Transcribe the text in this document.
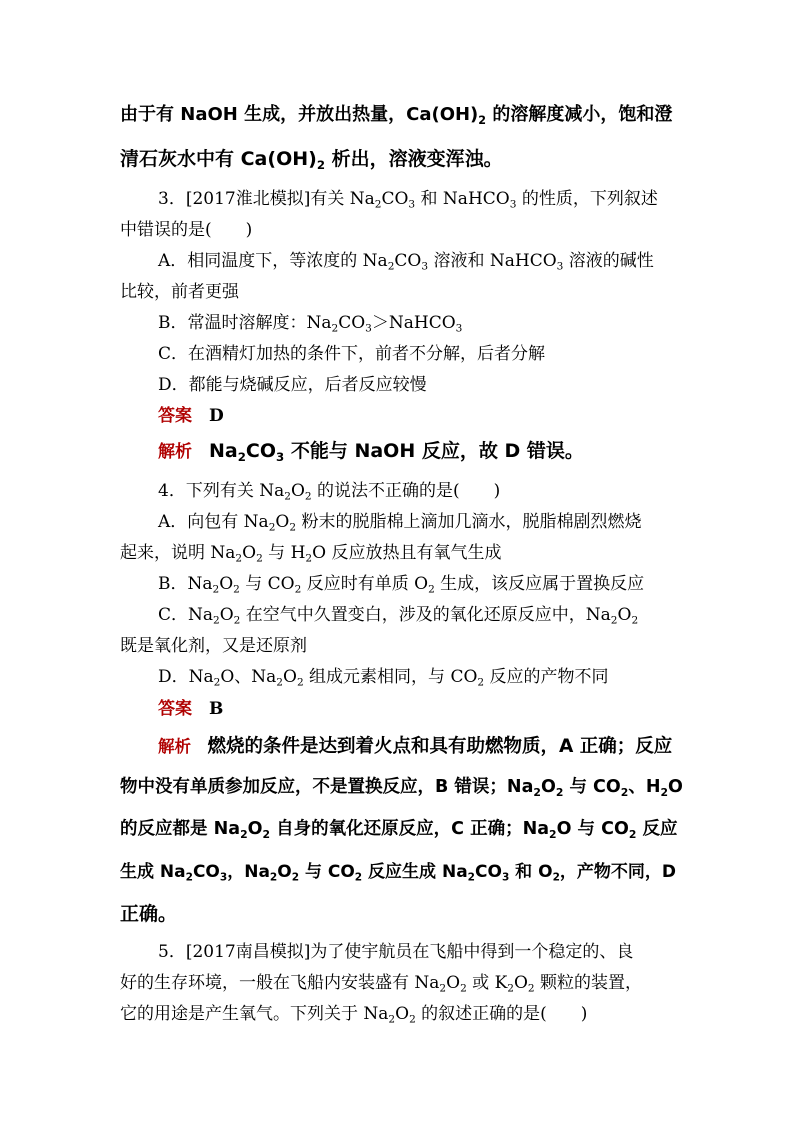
由于有 NaOH 生成，并放出热量，$Ca(OH)_2$ 的溶解度减小，饱和澄
清石灰水中有 $Ca(OH)_2$ 析出，溶液变浑浊。
3．[2017淮北模拟]有关 $Na_2CO_3$ 和 NaHCO$_3$ 的性质，下列叙述
中错误的是(　　)
A．相同温度下，等浓度的 $Na_2CO_3$ 溶液和 NaHCO$_3$ 溶液的碱性
比较，前者更强
B．常温时溶解度：$Na_2CO_3>NaHCO_3$
C．在酒精灯加热的条件下，前者不分解，后者分解
D．都能与烧碱反应，后者反应较慢
答案　 D
解析　 $Na_2CO_3$ 不能与 NaOH 反应，故 D 错误。
4．下列有关 $Na_2O_2$ 的说法不正确的是(　　)
A．向包有 $Na_2O_2$ 粉末的脱脂棉上滴加几滴水，脱脂棉剧烈燃烧
起来，说明 $Na_2O_2$ 与 $H_2O$ 反应放热且有氧气生成
B．$Na_2O_2$ 与 $CO_2$ 反应时有单质 $O_2$ 生成，该反应属于置换反应
C．$Na_2O_2$ 在空气中久置变白，涉及的氧化还原反应中，$Na_2O_2$
既是氧化剂，又是还原剂
D．$Na_2O$、$Na_2O_2$ 组成元素相同，与 $CO_2$ 反应的产物不同
答案　 B
解析　 燃烧的条件是达到着火点和具有助燃物质，A 正确；反应
物中没有单质参加反应，不是置换反应，B 错误；$Na_2O_2$ 与 $CO_2$、$H_2O$
的反应都是 $Na_2O_2$ 自身的氧化还原反应，C 正确；$Na_2O$ 与 $CO_2$ 反应
生成 $Na_2CO_3$，$Na_2O_2$ 与 $CO_2$ 反应生成 $Na_2CO_3$ 和 $O_2$，产物不同，D
正确。
5．[2017南昌模拟]为了使宇航员在飞船中得到一个稳定的、良
好的生存环境，一般在飞船内安装盛有 $Na_2O_2$ 或 $K_2O_2$ 颗粒的装置，
它的用途是产生氧气。下列关于 $Na_2O_2$ 的叙述正确的是(　　)
